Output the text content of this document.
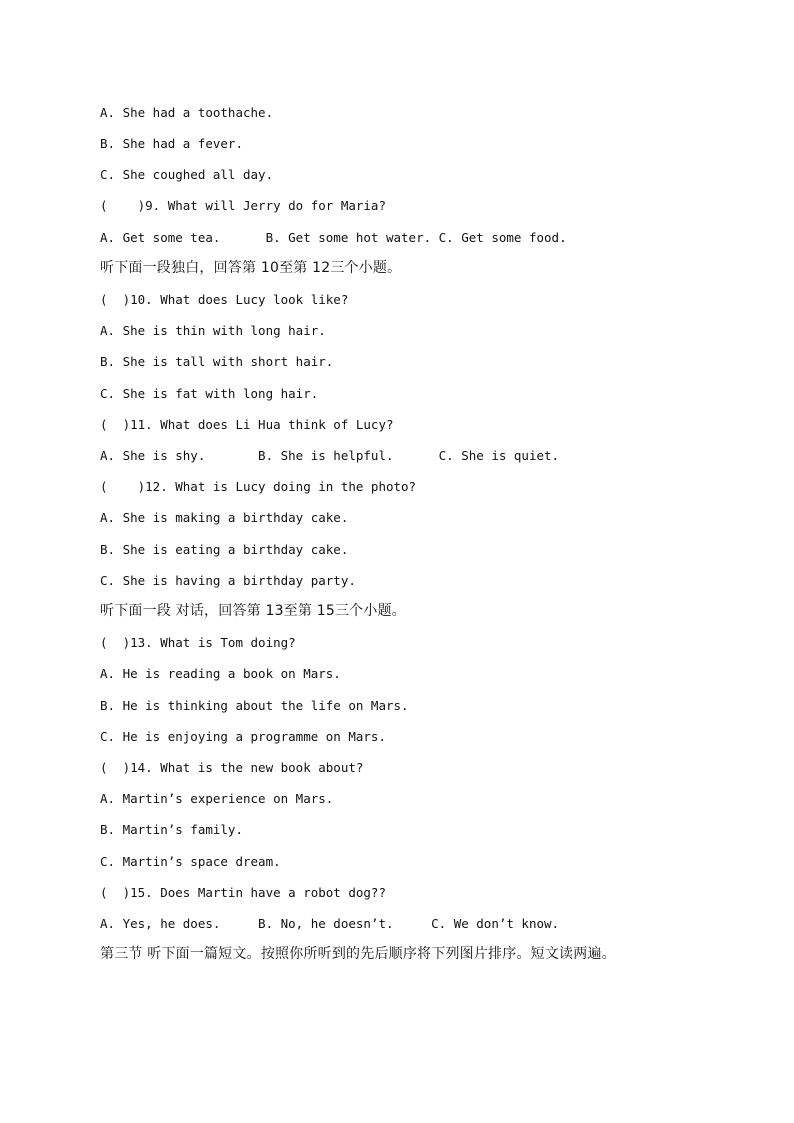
A. She had a toothache.
B. She had a fever.
C. She coughed all day.
(    )9. What will Jerry do for Maria?
A. Get some tea.      B. Get some hot water. C. Get some food.
听下面一段独白，回答第 10至第 12三个小题。
(  )10. What does Lucy look like?
A. She is thin with long hair.
B. She is tall with short hair.
C. She is fat with long hair.
(  )11. What does Li Hua think of Lucy?
A. She is shy.       B. She is helpful.      C. She is quiet.
(    )12. What is Lucy doing in the photo?
A. She is making a birthday cake.
B. She is eating a birthday cake.
C. She is having a birthday party.
听下面一段 对话，回答第 13至第 15三个小题。
(  )13. What is Tom doing?
A. He is reading a book on Mars.
B. He is thinking about the life on Mars.
C. He is enjoying a programme on Mars.
(  )14. What is the new book about?
A. Martin’s experience on Mars.
B. Martin’s family.
C. Martin’s space dream.
(  )15. Does Martin have a robot dog??
A. Yes, he does.     B. No, he doesn’t.     C. We don’t know.
第三节 听下面一篇短文。按照你所听到的先后顺序将下列图片排序。短文读两遍。
